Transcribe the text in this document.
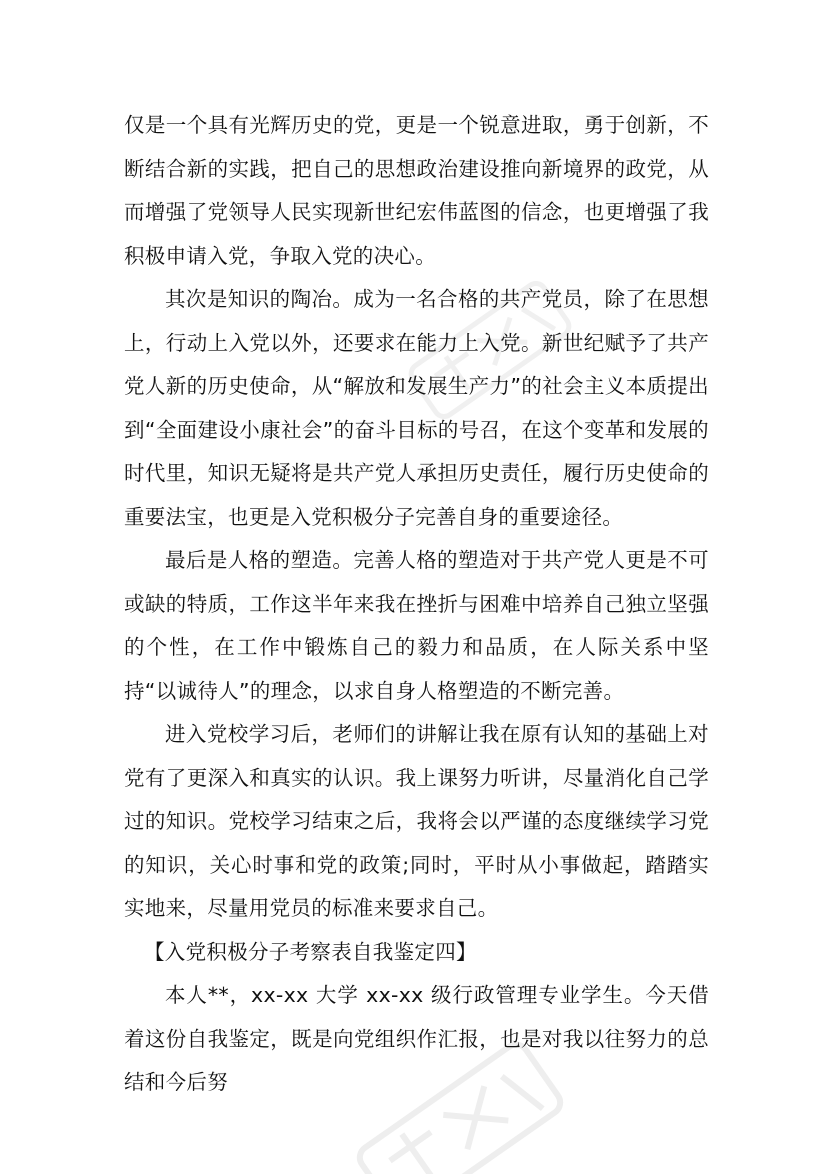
仅是一个具有光辉历史的党，更是一个锐意进取，勇于创新，不断结合新的实践，把自己的思想政治建设推向新境界的政党，从而增强了党领导人民实现新世纪宏伟蓝图的信念，也更增强了我积极申请入党，争取入党的决心。

其次是知识的陶冶。成为一名合格的共产党员，除了在思想上，行动上入党以外，还要求在能力上入党。新世纪赋予了共产党人新的历史使命，从“解放和发展生产力”的社会主义本质提出到“全面建设小康社会”的奋斗目标的号召，在这个变革和发展的时代里，知识无疑将是共产党人承担历史责任，履行历史使命的重要法宝，也更是入党积极分子完善自身的重要途径。

最后是人格的塑造。完善人格的塑造对于共产党人更是不可或缺的特质，工作这半年来我在挫折与困难中培养自己独立坚强的个性，在工作中锻炼自己的毅力和品质，在人际关系中坚持“以诚待人”的理念，以求自身人格塑造的不断完善。

进入党校学习后，老师们的讲解让我在原有认知的基础上对党有了更深入和真实的认识。我上课努力听讲，尽量消化自己学过的知识。党校学习结束之后，我将会以严谨的态度继续学习党的知识，关心时事和党的政策;同时，平时从小事做起，踏踏实实地来，尽量用党员的标准来要求自己。

【入党积极分子考察表自我鉴定四】

本人**，xx-xx 大学 xx-xx 级行政管理专业学生。今天借着这份自我鉴定，既是向党组织作汇报，也是对我以往努力的总结和今后努
